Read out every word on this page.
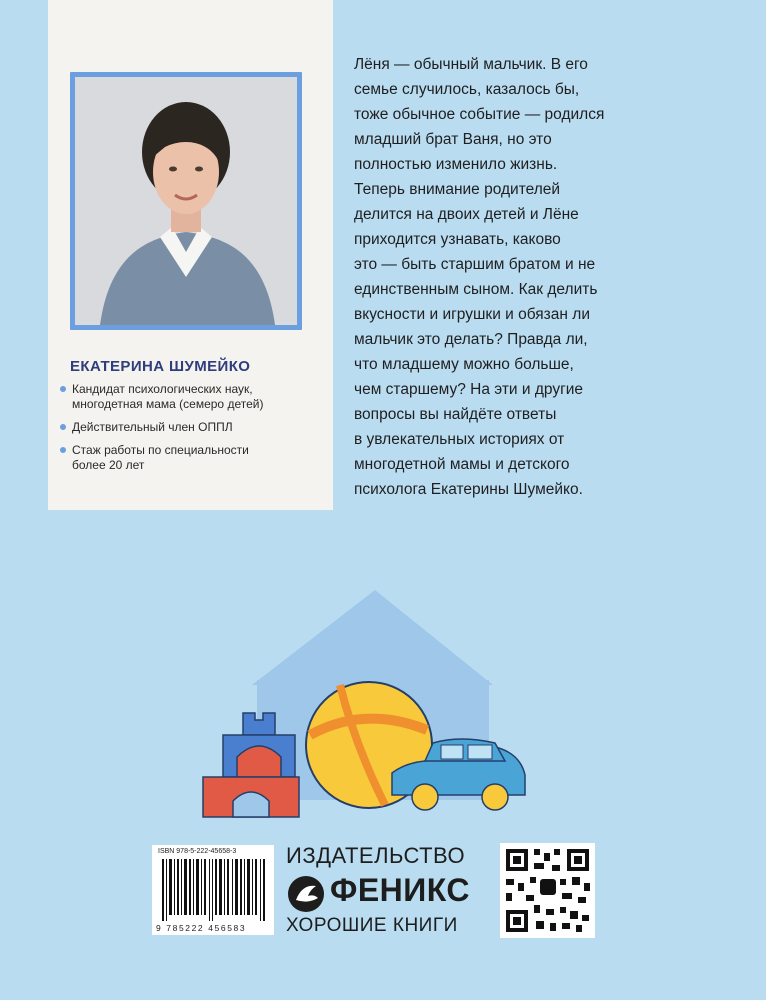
ЕКАТЕРИНА ШУМЕЙКО
Кандидат психологических наук,
многодетная мама (семеро детей)
Действительный член ОППЛ
Стаж работы по специальности
более 20 лет

Лёня — обычный мальчик. В его
семье случилось, казалось бы,
тоже обычное событие — родился
младший брат Ваня, но это
полностью изменило жизнь.
Теперь внимание родителей
делится на двоих детей и Лёне
приходится узнавать, каково
это — быть старшим братом и не
единственным сыном. Как делить
вкусности и игрушки и обязан ли
мальчик это делать? Правда ли,
что младшему можно больше,
чем старшему? На эти и другие
вопросы вы найдёте ответы
в увлекательных историях от
многодетной мамы и детского
психолога Екатерины Шумейко.

ISBN 978-5-222-45658-3
9 785222 456583
ИЗДАТЕЛЬСТВО
ФЕНИКС
ХОРОШИЕ КНИГИ
